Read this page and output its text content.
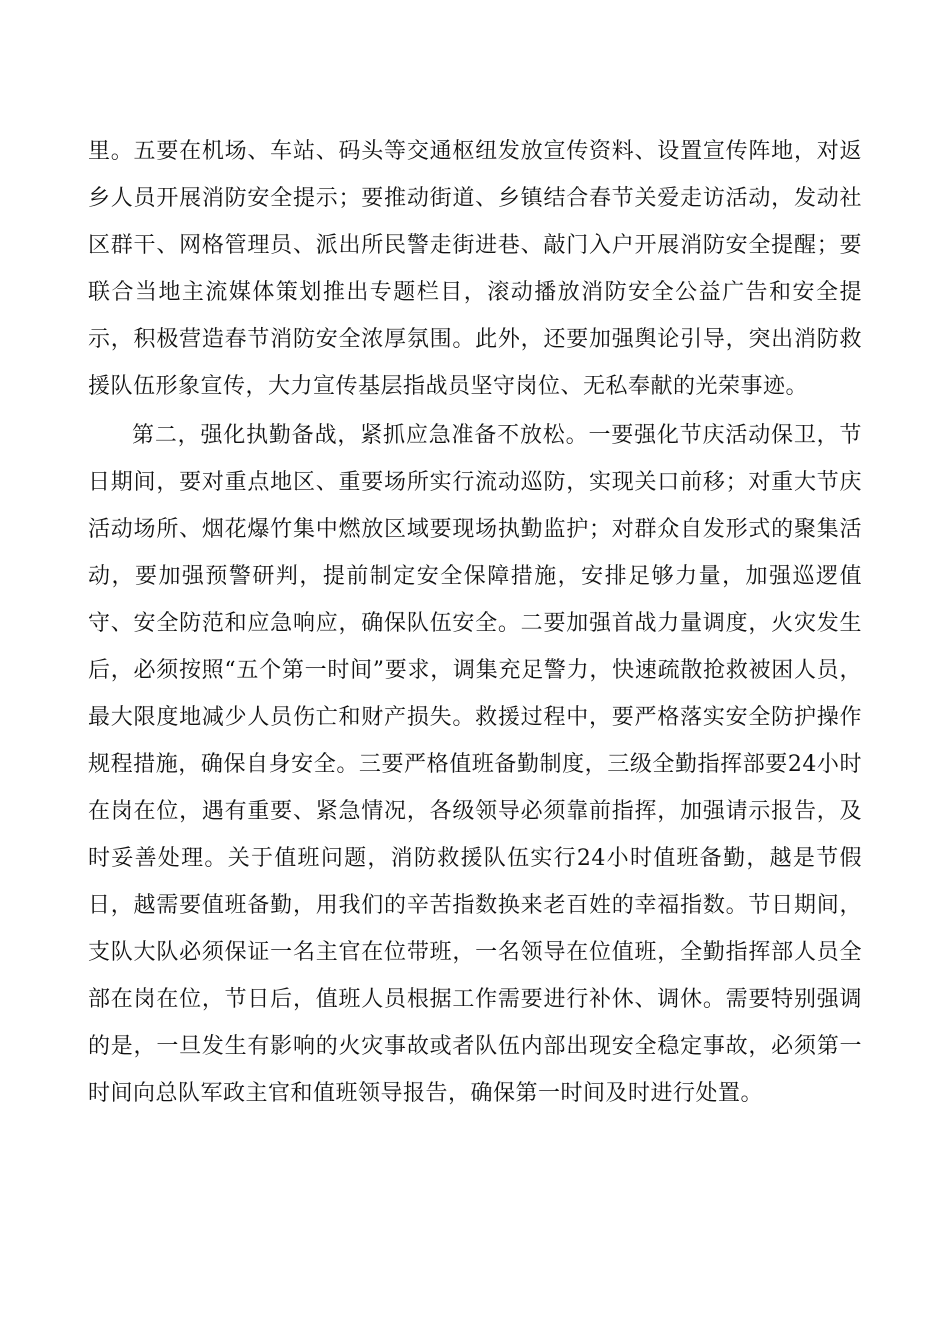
里。五要在机场、车站、码头等交通枢纽发放宣传资料、设置宣传阵地，对返乡人员开展消防安全提示；要推动街道、乡镇结合春节关爱走访活动，发动社区群干、网格管理员、派出所民警走街进巷、敲门入户开展消防安全提醒；要联合当地主流媒体策划推出专题栏目，滚动播放消防安全公益广告和安全提示，积极营造春节消防安全浓厚氛围。此外，还要加强舆论引导，突出消防救援队伍形象宣传，大力宣传基层指战员坚守岗位、无私奉献的光荣事迹。

第二，强化执勤备战，紧抓应急准备不放松。一要强化节庆活动保卫，节日期间，要对重点地区、重要场所实行流动巡防，实现关口前移；对重大节庆活动场所、烟花爆竹集中燃放区域要现场执勤监护；对群众自发形式的聚集活动，要加强预警研判，提前制定安全保障措施，安排足够力量，加强巡逻值守、安全防范和应急响应，确保队伍安全。二要加强首战力量调度，火灾发生后，必须按照“五个第一时间”要求，调集充足警力，快速疏散抢救被困人员，最大限度地减少人员伤亡和财产损失。救援过程中，要严格落实安全防护操作规程措施，确保自身安全。三要严格值班备勤制度，三级全勤指挥部要24小时在岗在位，遇有重要、紧急情况，各级领导必须靠前指挥，加强请示报告，及时妥善处理。关于值班问题，消防救援队伍实行24小时值班备勤，越是节假日，越需要值班备勤，用我们的辛苦指数换来老百姓的幸福指数。节日期间，支队大队必须保证一名主官在位带班，一名领导在位值班，全勤指挥部人员全部在岗在位，节日后，值班人员根据工作需要进行补休、调休。需要特别强调的是，一旦发生有影响的火灾事故或者队伍内部出现安全稳定事故，必须第一时间向总队军政主官和值班领导报告，确保第一时间及时进行处置。
